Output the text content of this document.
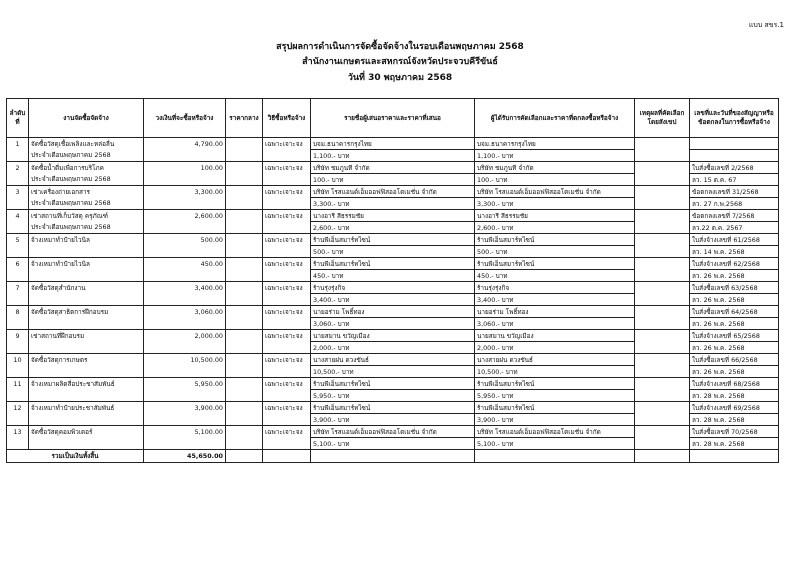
แบบ สขร.1
สรุปผลการดำเนินการจัดซื้อจัดจ้างในรอบเดือนพฤษภาคม 2568
สำนักงานเกษตรและสหกรณ์จังหวัดประจวบคีรีขันธ์
วันที่ 30 พฤษภาคม 2568
ลำดับที่	งานจัดซื้อจัดจ้าง	วงเงินที่จะซื้อหรือจ้าง	ราคากลาง	วิธีซื้อหรือจ้าง	รายชื่อผู้เสนอราคาและราคาที่เสนอ	ผู้ได้รับการคัดเลือกและราคาที่ตกลงซื้อหรือจ้าง	เหตุผลที่คัดเลือกโดยสังเขป	เลขที่และวันที่ของสัญญาหรือข้อตกลงในการซื้อหรือจ้าง
1	จัดซื้อวัสดุเชื้อเพลิงและหล่อลื่น	4,790.00		เฉพาะเจาะจง	บจม.ธนาคารกรุงไทย	บจม.ธนาคารกรุงไทย		
	ประจำเดือนพฤษภาคม 2568				1,100.- บาท	1,100.- บาท		
2	จัดซื้อน้ำดื่มเพื่อการบริโภค	100.00		เฉพาะเจาะจง	บริษัท ชมภูนที จำกัด	บริษัท ชมภูนที จำกัด		ใบสั่งซื้อเลขที่ 2/2568
	ประจำเดือนพฤษภาคม 2568				100.- บาท	100.- บาท		ลว. 15 ต.ค. 67
3	เช่าเครื่องถ่ายเอกสาร	3,300.00		เฉพาะเจาะจง	บริษัท โรสแอนด์เอ็มออฟฟิสออโตเมชั่น จำกัด	บริษัท โรสแอนด์เอ็มออฟฟิสออโตเมชั่น จำกัด		ข้อตกลงเลขที่ 31/2568
	ประจำเดือนพฤษภาคม 2568				3,300.- บาท	3,300.- บาท		ลว. 27 ก.พ.2568
4	เช่าสถานที่เก็บวัสดุ ครุภัณฑ์	2,600.00		เฉพาะเจาะจง	นางอารี สีธรรมชัย	นางอารี สีธรรมชัย		ข้อตกลงเลขที่ 7/2568
	ประจำเดือนพฤษภาคม 2568				2,600.- บาท	2,600.- บาท		ลว.22 ต.ค. 2567
5	จ้างเหมาทำป้ายไวนิล	500.00		เฉพาะเจาะจง	ร้านพีเอ็นสมาร์ทไซน์	ร้านพีเอ็นสมาร์ทไซน์		ใบสั่งจ้างเลขที่ 61/2568
					500.- บาท	500.- บาท		ลว. 14 พ.ค. 2568
6	จ้างเหมาทำป้ายไวนิล	450.00		เฉพาะเจาะจง	ร้านพีเอ็นสมาร์ทไซน์	ร้านพีเอ็นสมาร์ทไซน์		ใบสั่งจ้างเลขที่ 62/2568
					450.- บาท	450.- บาท		ลว. 26 พ.ค. 2568
7	จัดซื้อวัสดุสำนักงาน	3,400.00		เฉพาะเจาะจง	ร้านรุ่งรุ่งกิจ	ร้านรุ่งรุ่งกิจ		ใบสั่งซื้อเลขที่ 63/2568
					3,400.- บาท	3,400.- บาท		ลว. 26 พ.ค. 2568
8	จัดซื้อวัสดุสาธิตการฝึกอบรม	3,060.00		เฉพาะเจาะจง	นายอร่าม โพธิ์ทอง	นายอร่าม โพธิ์ทอง		ใบสั่งซื้อเลขที่ 64/2568
					3,060.- บาท	3,060.- บาท		ลว. 26 พ.ค. 2568
9	เช่าสถานที่ฝึกอบรม	2,000.00		เฉพาะเจาะจง	นายสมาน ขวัญเมือง	นายสมาน ขวัญเมือง		ใบสั่งจ้างเลขที่ 65/2568
					2,000.- บาท	2,000.- บาท		ลว. 26 พ.ค. 2568
10	จัดซื้อวัสดุการเกษตร	10,500.00		เฉพาะเจาะจง	นางสายฝน ดวงขันธ์	นางสายฝน ดวงขันธ์		ใบสั่งซื้อเลขที่ 66/2568
					10,500.- บาท	10,500.- บาท		ลว. 26 พ.ค. 2568
11	จ้างเหมาผลิตสื่อประชาสัมพันธ์	5,950.00		เฉพาะเจาะจง	ร้านพีเอ็นสมาร์ทไซน์	ร้านพีเอ็นสมาร์ทไซน์		ใบสั่งจ้างเลขที่ 68/2568
					5,950.- บาท	5,950.- บาท		ลว. 28 พ.ค. 2568
12	จ้างเหมาทำป้ายประชาสัมพันธ์	3,900.00		เฉพาะเจาะจง	ร้านพีเอ็นสมาร์ทไซน์	ร้านพีเอ็นสมาร์ทไซน์		ใบสั่งจ้างเลขที่ 69/2568
					3,900.- บาท	3,900.- บาท		ลว. 28 พ.ค. 2568
13	จัดซื้อวัสดุคอมพิวเตอร์	5,100.00		เฉพาะเจาะจง	บริษัท โรสแอนด์เอ็มออฟฟิสออโตเมชั่น จำกัด	บริษัท โรสแอนด์เอ็มออฟฟิสออโตเมชั่น จำกัด		ใบสั่งซื้อเลขที่ 70/2568
					5,100.- บาท	5,100.- บาท		ลว. 28 พ.ค. 2568
รวมเป็นเงินทั้งสิ้น		45,650.00						
